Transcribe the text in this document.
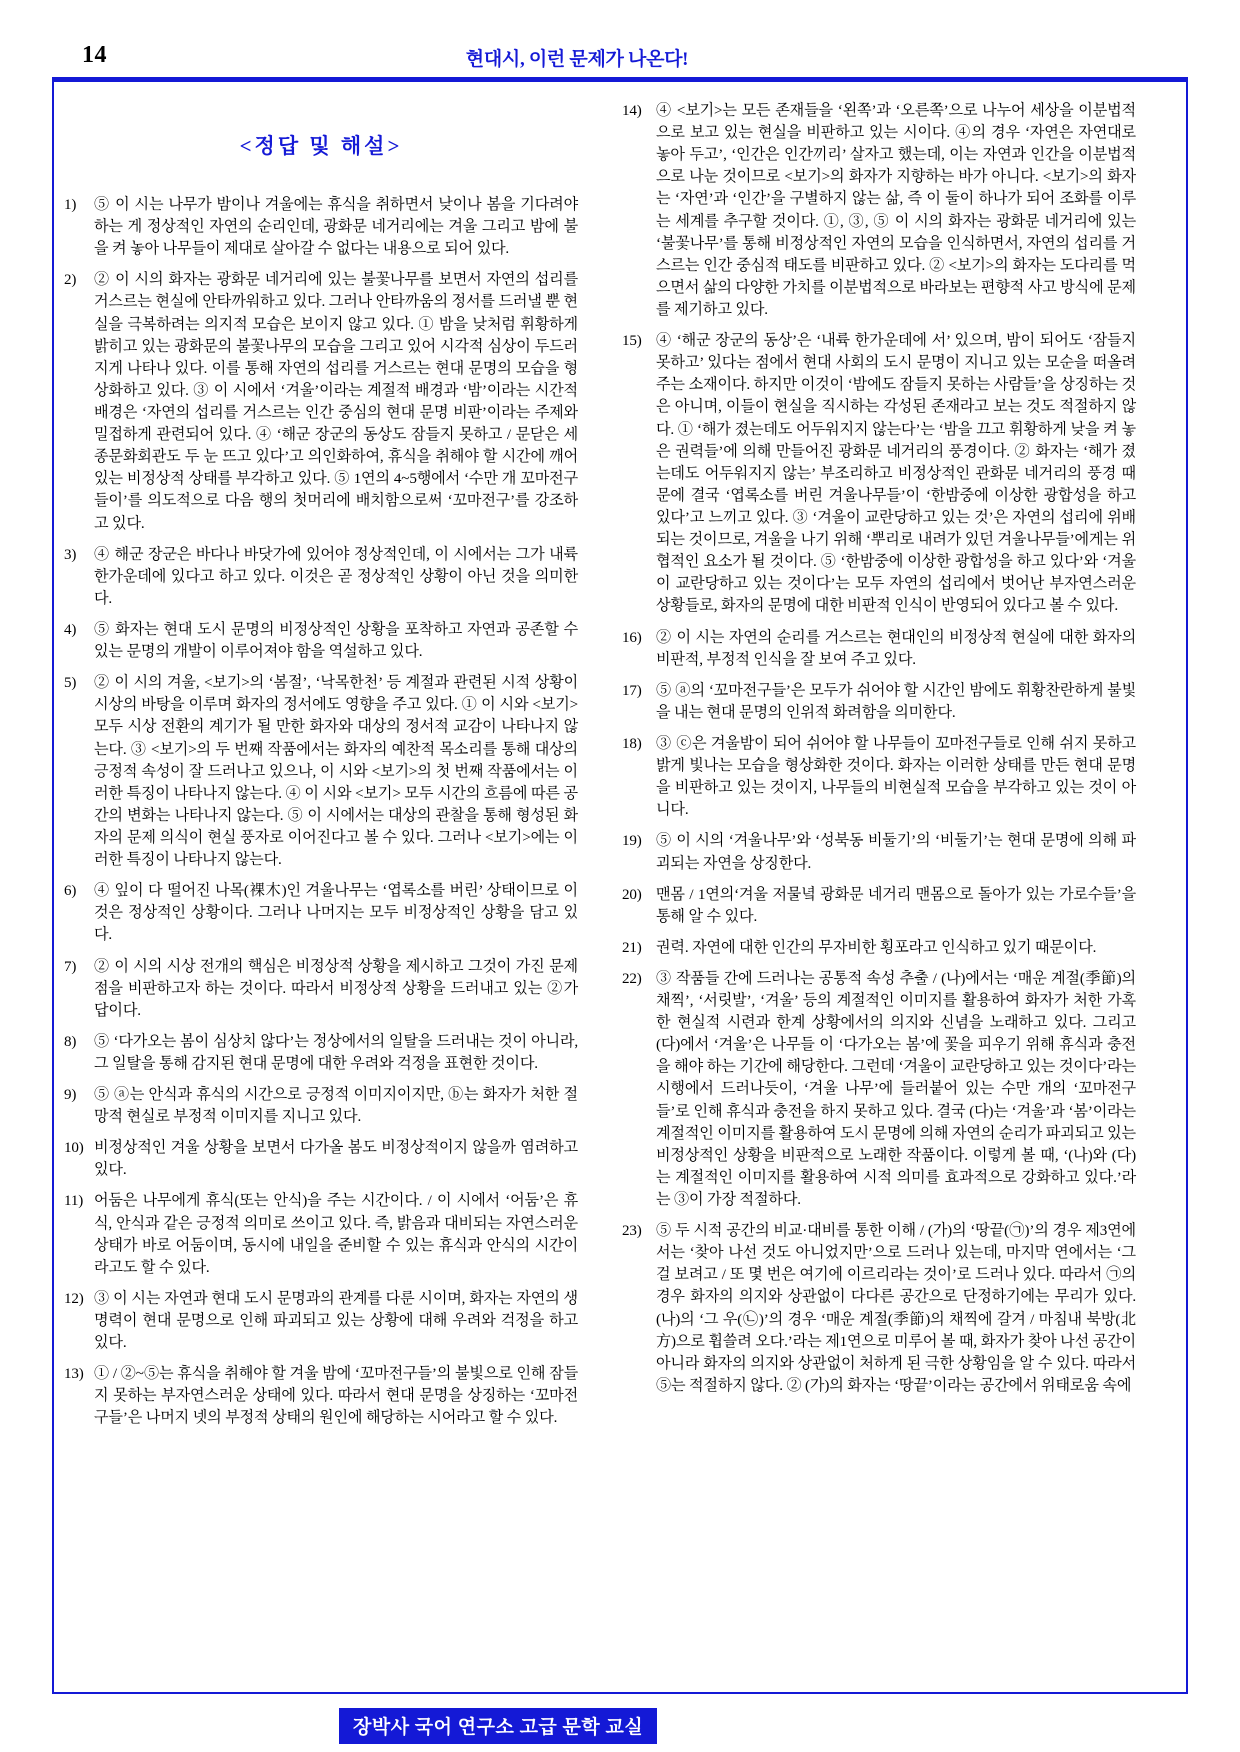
14	현대시, 이런 문제가 나온다!
<정답 및 해설>
1)	⑤ 이 시는 나무가 밤이나 겨울에는 휴식을 취하면서 낮이나 봄을 기다려야 하는 게 정상적인 자연의 순리인데, 광화문 네거리에는 겨울 그리고 밤에 불을 켜 놓아 나무들이 제대로 살아갈 수 없다는 내용으로 되어 있다.
2)	② 이 시의 화자는 광화문 네거리에 있는 불꽃나무를 보면서 자연의 섭리를 거스르는 현실에 안타까워하고 있다. 그러나 안타까움의 정서를 드러낼 뿐 현실을 극복하려는 의지적 모습은 보이지 않고 있다. ① 밤을 낮처럼 휘황하게 밝히고 있는 광화문의 불꽃나무의 모습을 그리고 있어 시각적 심상이 두드러지게 나타나 있다. 이를 통해 자연의 섭리를 거스르는 현대 문명의 모습을 형상화하고 있다. ③ 이 시에서 ‘겨울’이라는 계절적 배경과 ‘밤’이라는 시간적 배경은 ‘자연의 섭리를 거스르는 인간 중심의 현대 문명 비판’이라는 주제와 밀접하게 관련되어 있다. ④ ‘해군 장군의 동상도 잠들지 못하고 / 문닫은 세종문화회관도 두 눈 뜨고 있다’고 의인화하여, 휴식을 취해야 할 시간에 깨어 있는 비정상적 상태를 부각하고 있다. ⑤ 1연의 4~5행에서 ‘수만 개 꼬마전구들이’를 의도적으로 다음 행의 첫머리에 배치함으로써 ‘꼬마전구’를 강조하고 있다.
3)	④ 해군 장군은 바다나 바닷가에 있어야 정상적인데, 이 시에서는 그가 내륙 한가운데에 있다고 하고 있다. 이것은 곧 정상적인 상황이 아닌 것을 의미한다.
4)	⑤ 화자는 현대 도시 문명의 비정상적인 상황을 포착하고 자연과 공존할 수 있는 문명의 개발이 이루어져야 함을 역설하고 있다.
5)	② 이 시의 겨울, <보기>의 ‘봄절’, ‘낙목한천’ 등 계절과 관련된 시적 상황이 시상의 바탕을 이루며 화자의 정서에도 영향을 주고 있다. ① 이 시와 <보기> 모두 시상 전환의 계기가 될 만한 화자와 대상의 정서적 교감이 나타나지 않는다. ③ <보기>의 두 번째 작품에서는 화자의 예찬적 목소리를 통해 대상의 긍정적 속성이 잘 드러나고 있으나, 이 시와 <보기>의 첫 번째 작품에서는 이러한 특징이 나타나지 않는다. ④ 이 시와 <보기> 모두 시간의 흐름에 따른 공간의 변화는 나타나지 않는다. ⑤ 이 시에서는 대상의 관찰을 통해 형성된 화자의 문제 의식이 현실 풍자로 이어진다고 볼 수 있다. 그러나 <보기>에는 이러한 특징이 나타나지 않는다.
6)	④ 잎이 다 떨어진 나목(裸木)인 겨울나무는 ‘엽록소를 버린’ 상태이므로 이것은 정상적인 상황이다. 그러나 나머지는 모두 비정상적인 상황을 담고 있다.
7)	② 이 시의 시상 전개의 핵심은 비정상적 상황을 제시하고 그것이 가진 문제점을 비판하고자 하는 것이다. 따라서 비정상적 상황을 드러내고 있는 ②가 답이다.
8)	⑤ ‘다가오는 봄이 심상치 않다’는 정상에서의 일탈을 드러내는 것이 아니라, 그 일탈을 통해 감지된 현대 문명에 대한 우려와 걱정을 표현한 것이다.
9)	⑤ ⓐ는 안식과 휴식의 시간으로 긍정적 이미지이지만, ⓑ는 화자가 처한 절망적 현실로 부정적 이미지를 지니고 있다.
10) 비정상적인 겨울 상황을 보면서 다가올 봄도 비정상적이지 않을까 염려하고 있다.
11) 어둠은 나무에게 휴식(또는 안식)을 주는 시간이다. / 이 시에서 ‘어둠’은 휴식, 안식과 같은 긍정적 의미로 쓰이고 있다. 즉, 밝음과 대비되는 자연스러운 상태가 바로 어둠이며, 동시에 내일을 준비할 수 있는 휴식과 안식의 시간이라고도 할 수 있다.
12) ③ 이 시는 자연과 현대 도시 문명과의 관계를 다룬 시이며, 화자는 자연의 생명력이 현대 문명으로 인해 파괴되고 있는 상황에 대해 우려와 걱정을 하고 있다.
13) ① / ②~⑤는 휴식을 취해야 할 겨울 밤에 ‘꼬마전구들’의 불빛으로 인해 잠들지 못하는 부자연스러운 상태에 있다. 따라서 현대 문명을 상징하는 ‘꼬마전구들’은 나머지 넷의 부정적 상태의 원인에 해당하는 시어라고 할 수 있다.
14) ④ <보기>는 모든 존재들을 ‘왼쪽’과 ‘오른쪽’으로 나누어 세상을 이분법적으로 보고 있는 현실을 비판하고 있는 시이다. ④의 경우 ‘자연은 자연대로 놓아 두고’, ‘인간은 인간끼리’ 살자고 했는데, 이는 자연과 인간을 이분법적으로 나눈 것이므로 <보기>의 화자가 지향하는 바가 아니다. <보기>의 화자는 ‘자연’과 ‘인간’을 구별하지 않는 삶, 즉 이 둘이 하나가 되어 조화를 이루는 세계를 추구할 것이다. ①, ③, ⑤ 이 시의 화자는 광화문 네거리에 있는 ‘불꽃나무’를 통해 비정상적인 자연의 모습을 인식하면서, 자연의 섭리를 거스르는 인간 중심적 태도를 비판하고 있다. ② <보기>의 화자는 도다리를 먹으면서 삶의 다양한 가치를 이분법적으로 바라보는 편향적 사고 방식에 문제를 제기하고 있다.
15) ④ ‘해군 장군의 동상’은 ‘내륙 한가운데에 서’ 있으며, 밤이 되어도 ‘잠들지 못하고’ 있다는 점에서 현대 사회의 도시 문명이 지니고 있는 모순을 떠올려 주는 소재이다. 하지만 이것이 ‘밤에도 잠들지 못하는 사람들’을 상징하는 것은 아니며, 이들이 현실을 직시하는 각성된 존재라고 보는 것도 적절하지 않다. ① ‘해가 졌는데도 어두워지지 않는다’는 ‘밤을 끄고 휘황하게 낮을 켜 놓은 권력들’에 의해 만들어진 광화문 네거리의 풍경이다. ② 화자는 ‘해가 졌는데도 어두워지지 않는’ 부조리하고 비정상적인 관화문 네거리의 풍경 때문에 결국 ‘엽록소를 버린 겨울나무들’이 ‘한밤중에 이상한 광합성을 하고 있다’고 느끼고 있다. ③ ‘겨울이 교란당하고 있는 것’은 자연의 섭리에 위배되는 것이므로, 겨울을 나기 위해 ‘뿌리로 내려가 있던 겨울나무들’에게는 위협적인 요소가 될 것이다. ⑤ ‘한밤중에 이상한 광합성을 하고 있다’와 ‘겨울이 교란당하고 있는 것이다’는 모두 자연의 섭리에서 벗어난 부자연스러운 상황들로, 화자의 문명에 대한 비판적 인식이 반영되어 있다고 볼 수 있다.
16) ② 이 시는 자연의 순리를 거스르는 현대인의 비정상적 현실에 대한 화자의 비판적, 부정적 인식을 잘 보여 주고 있다.
17) ⑤ ⓐ의 ‘꼬마전구들’은 모두가 쉬어야 할 시간인 밤에도 휘황찬란하게 불빛을 내는 현대 문명의 인위적 화려함을 의미한다.
18) ③ ⓒ은 겨울밤이 되어 쉬어야 할 나무들이 꼬마전구들로 인해 쉬지 못하고 밝게 빛나는 모습을 형상화한 것이다. 화자는 이러한 상태를 만든 현대 문명을 비판하고 있는 것이지, 나무들의 비현실적 모습을 부각하고 있는 것이 아니다.
19) ⑤ 이 시의 ‘겨울나무’와 ‘성북동 비둘기’의 ‘비둘기’는 현대 문명에 의해 파괴되는 자연을 상징한다.
20) 맨몸 / 1연의‘겨울 저물녘 광화문 네거리 맨몸으로 돌아가 있는 가로수들’을 통해 알 수 있다.
21) 권력. 자연에 대한 인간의 무자비한 횡포라고 인식하고 있기 때문이다.
22) ③ 작품들 간에 드러나는 공통적 속성 추출 / (나)에서는 ‘매운 계절(季節)의 채찍’, ‘서릿발’, ‘겨울’ 등의 계절적인 이미지를 활용하여 화자가 처한 가혹한 현실적 시련과 한계 상황에서의 의지와 신념을 노래하고 있다. 그리고 (다)에서 ‘겨울’은 나무들 이 ‘다가오는 봄’에 꽃을 피우기 위해 휴식과 충전을 해야 하는 기간에 해당한다. 그런데 ‘겨울이 교란당하고 있는 것이다’라는 시행에서 드러나듯이, ‘겨울 나무’에 들러붙어 있는 수만 개의 ‘꼬마전구들’로 인해 휴식과 충전을 하지 못하고 있다. 결국 (다)는 ‘겨울’과 ‘봄’이라는 계절적인 이미지를 활용하여 도시 문명에 의해 자연의 순리가 파괴되고 있는 비정상적인 상황을 비판적으로 노래한 작품이다. 이렇게 볼 때, ‘(나)와 (다)는 계절적인 이미지를 활용하여 시적 의미를 효과적으로 강화하고 있다.’라는 ③이 가장 적절하다.
23) ⑤ 두 시적 공간의 비교·대비를 통한 이해 / (가)의 ‘땅끝(㉠)’의 경우 제3연에서는 ‘찾아 나선 것도 아니었지만’으로 드러나 있는데, 마지막 연에서는 ‘그걸 보려고 / 또 몇 번은 여기에 이르리라는 것이’로 드러나 있다. 따라서 ㉠의 경우 화자의 의지와 상관없이 다다른 공간으로 단정하기에는 무리가 있다. (나)의 ‘그 우(㉡)’의 경우 ‘매운 계절(季節)의 채찍에 갈겨 / 마침내 북방(北方)으로 휩쓸려 오다.’라는 제1연으로 미루어 볼 때, 화자가 찾아 나선 공간이 아니라 화자의 의지와 상관없이 처하게 된 극한 상황임을 알 수 있다. 따라서 ⑤는 적절하지 않다. ② (가)의 화자는 ‘땅끝’이라는 공간에서 위태로움 속에
장박사 국어 연구소 고급 문학 교실
